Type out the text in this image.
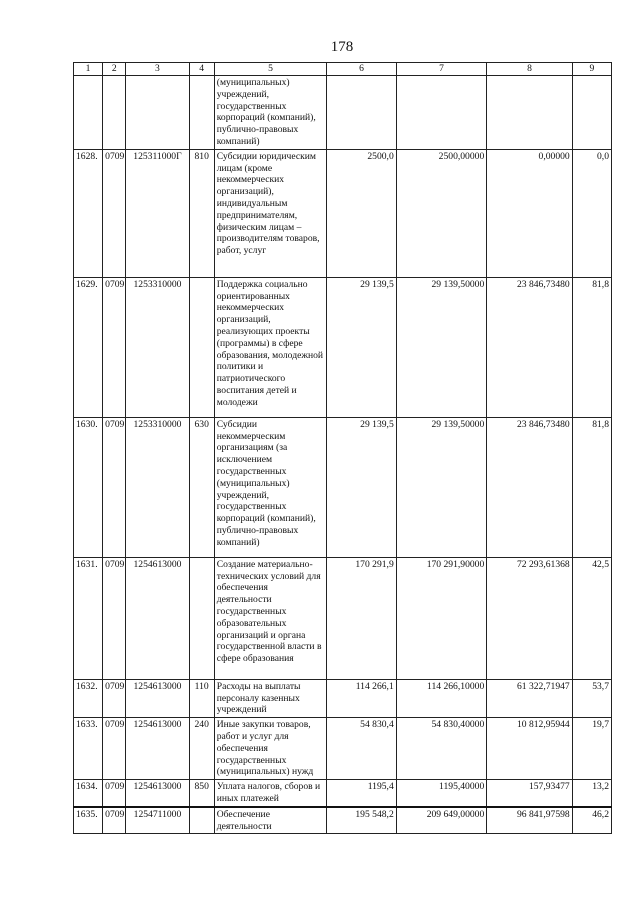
178
1	2	3	4	5	6	7	8	9
				(муниципальных) учреждений, государственных корпораций (компаний), публично-правовых компаний)				
1628.	0709	125311000Г	810	Субсидии юридическим лицам (кроме некоммерческих организаций), индивидуальным предпринимателям, физическим лицам – производителям товаров, работ, услуг	2500,0	2500,00000	0,00000	0,0
1629.	0709	1253310000		Поддержка социально ориентированных некоммерческих организаций, реализующих проекты (программы) в сфере образования, молодежной политики и патриотического воспитания детей и молодежи	29 139,5	29 139,50000	23 846,73480	81,8
1630.	0709	1253310000	630	Субсидии некоммерческим организациям (за исключением государственных (муниципальных) учреждений, государственных корпораций (компаний), публично-правовых компаний)	29 139,5	29 139,50000	23 846,73480	81,8
1631.	0709	1254613000		Создание материально-технических условий для обеспечения деятельности государственных образовательных организаций и органа государственной власти в сфере образования	170 291,9	170 291,90000	72 293,61368	42,5
1632.	0709	1254613000	110	Расходы на выплаты персоналу казенных учреждений	114 266,1	114 266,10000	61 322,71947	53,7
1633.	0709	1254613000	240	Иные закупки товаров, работ и услуг для обеспечения государственных (муниципальных) нужд	54 830,4	54 830,40000	10 812,95944	19,7
1634.	0709	1254613000	850	Уплата налогов, сборов и иных платежей	1195,4	1195,40000	157,93477	13,2
1635.	0709	1254711000		Обеспечение деятельности	195 548,2	209 649,00000	96 841,97598	46,2
